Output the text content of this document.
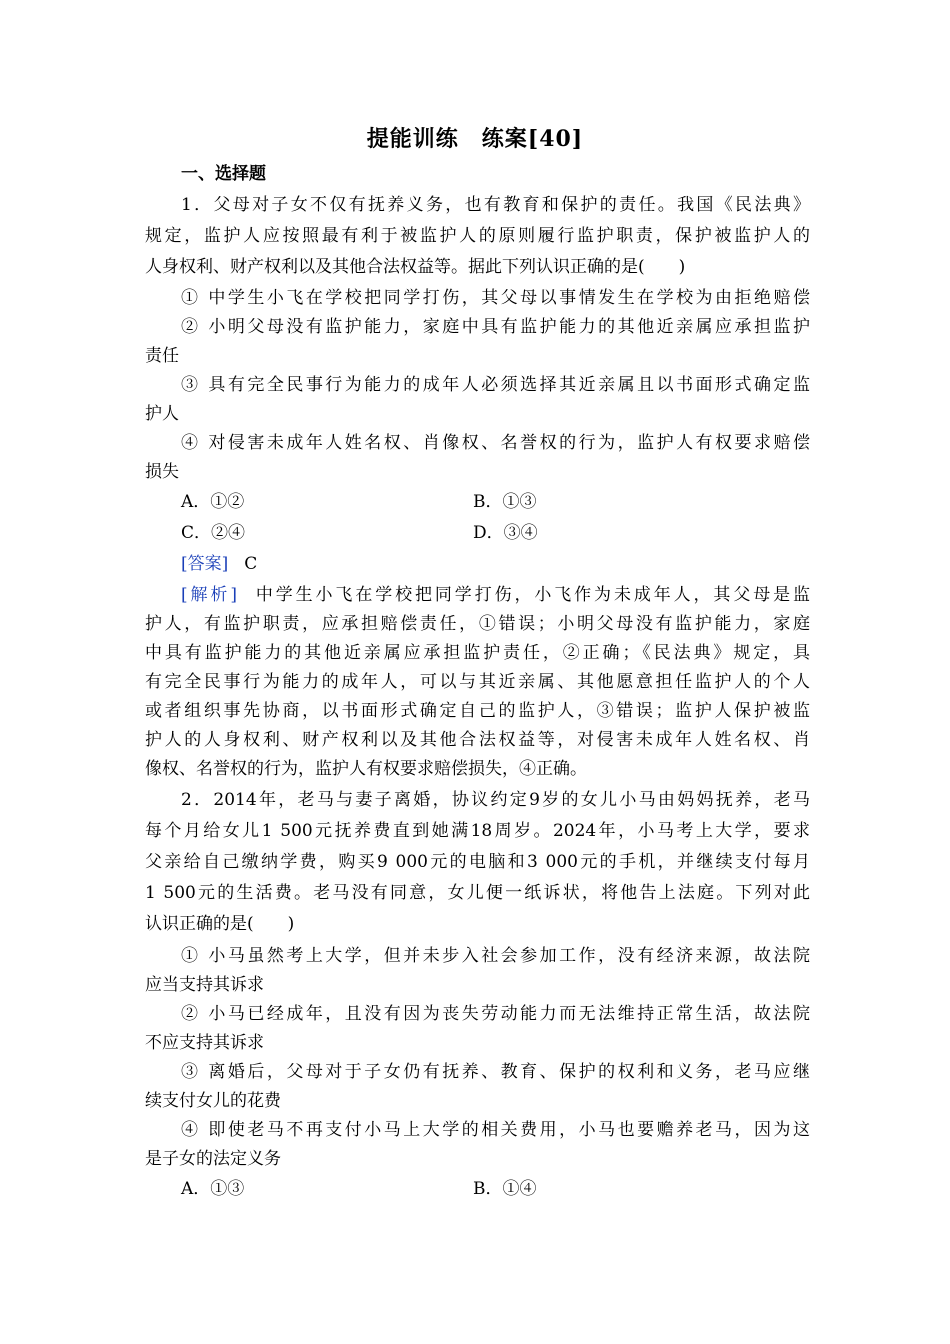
提能训练　练案[40]
一、选择题
1．父母对子女不仅有抚养义务，也有教育和保护的责任。我国《民法典》
规定，监护人应按照最有利于被监护人的原则履行监护职责，保护被监护人的
人身权利、财产权利以及其他合法权益等。据此下列认识正确的是(　　)
① 中学生小飞在学校把同学打伤，其父母以事情发生在学校为由拒绝赔偿
② 小明父母没有监护能力，家庭中具有监护能力的其他近亲属应承担监护
责任
③ 具有完全民事行为能力的成年人必须选择其近亲属且以书面形式确定监
护人
④ 对侵害未成年人姓名权、肖像权、名誉权的行为，监护人有权要求赔偿
损失
A．①②	B．①③
C．②④	D．③④
[答案] C
[解析] 中学生小飞在学校把同学打伤，小飞作为未成年人，其父母是监
护人，有监护职责，应承担赔偿责任，①错误；小明父母没有监护能力，家庭
中具有监护能力的其他近亲属应承担监护责任，②正确；《民法典》规定，具
有完全民事行为能力的成年人，可以与其近亲属、其他愿意担任监护人的个人
或者组织事先协商，以书面形式确定自己的监护人，③错误；监护人保护被监
护人的人身权利、财产权利以及其他合法权益等，对侵害未成年人姓名权、肖
像权、名誉权的行为，监护人有权要求赔偿损失，④正确。
2．2014年，老马与妻子离婚，协议约定9岁的女儿小马由妈妈抚养，老马
每个月给女儿1 500元抚养费直到她满18周岁。2024年，小马考上大学，要求
父亲给自己缴纳学费，购买9 000元的电脑和3 000元的手机，并继续支付每月
1 500元的生活费。老马没有同意，女儿便一纸诉状，将他告上法庭。下列对此
认识正确的是(　　)
① 小马虽然考上大学，但并未步入社会参加工作，没有经济来源，故法院
应当支持其诉求
② 小马已经成年，且没有因为丧失劳动能力而无法维持正常生活，故法院
不应支持其诉求
③ 离婚后，父母对于子女仍有抚养、教育、保护的权利和义务，老马应继
续支付女儿的花费
④ 即使老马不再支付小马上大学的相关费用，小马也要赡养老马，因为这
是子女的法定义务
A．①③	B．①④
